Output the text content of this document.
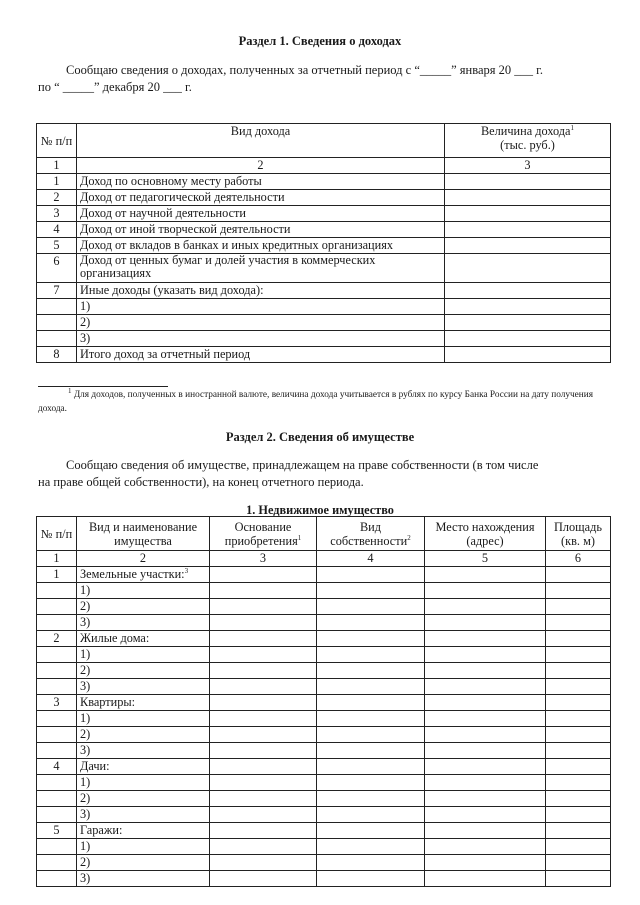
Раздел 1. Сведения о доходах
Сообщаю сведения о доходах, полученных за отчетный период с “_____” января 20 ___ г.
по “ _____” декабря 20 ___ г.
№ п/п	Вид дохода	Величина дохода$^1$
(тыс. руб.)
1	2	3
1	Доход по основному месту работы	
2	Доход от педагогической деятельности	
3	Доход от научной деятельности	
4	Доход от иной творческой деятельности	
5	Доход от вкладов в банках и иных кредитных организациях	
6	Доход от ценных бумаг и долей участия в коммерческих организациях	
7	Иные доходы (указать вид дохода):	
	1)	
	2)	
	3)	
8	Итого доход за отчетный период	
$^1$ Для доходов, полученных в иностранной валюте, величина дохода учитывается в рублях по курсу Банка России на дату получения дохода.
Раздел 2. Сведения об имуществе
Сообщаю сведения об имуществе, принадлежащем на праве собственности (в том числе
на праве общей собственности), на конец отчетного периода.
1. Недвижимое имущество
№ п/п	Вид и наименование имущества	Основание приобретения$^1$	Вид собственности$^2$	Место нахождения (адрес)	Площадь (кв. м)
1	2	3	4	5	6
1	Земельные участки:$^3$				
	1)				
	2)				
	3)				
2	Жилые дома:				
	1)				
	2)				
	3)				
3	Квартиры:				
	1)				
	2)				
	3)				
4	Дачи:				
	1)				
	2)				
	3)				
5	Гаражи:				
	1)				
	2)				
	3)				
